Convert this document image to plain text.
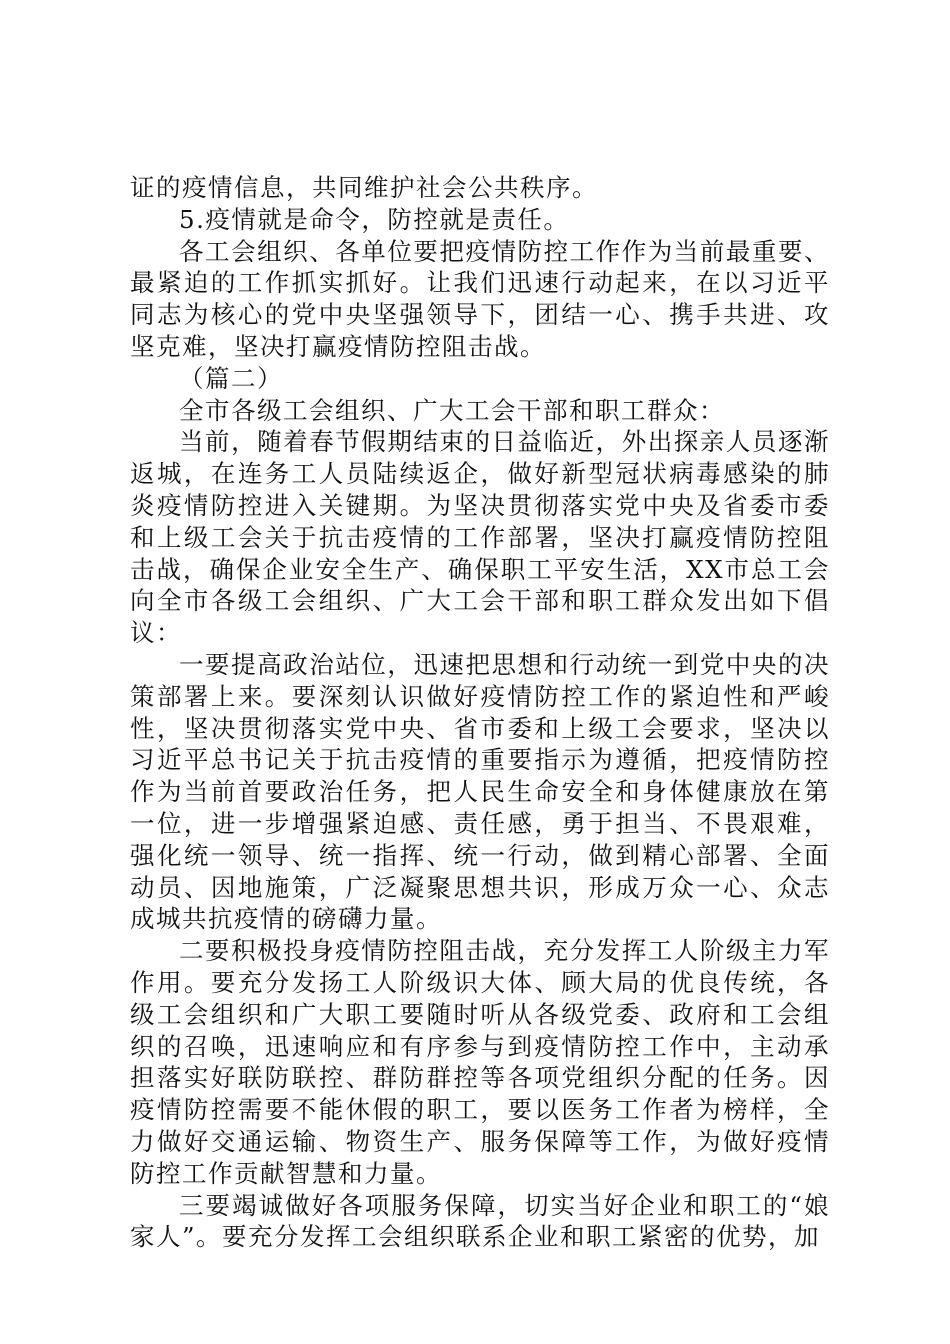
证的疫情信息，共同维护社会公共秩序。

5.疫情就是命令，防控就是责任。

各工会组织、各单位要把疫情防控工作作为当前最重要、最紧迫的工作抓实抓好。让我们迅速行动起来，在以习近平同志为核心的党中央坚强领导下，团结一心、携手共进、攻坚克难，坚决打赢疫情防控阻击战。

（篇二）

全市各级工会组织、广大工会干部和职工群众：

当前，随着春节假期结束的日益临近，外出探亲人员逐渐返城，在连务工人员陆续返企，做好新型冠状病毒感染的肺炎疫情防控进入关键期。为坚决贯彻落实党中央及省委市委和上级工会关于抗击疫情的工作部署，坚决打赢疫情防控阻击战，确保企业安全生产、确保职工平安生活，XX市总工会向全市各级工会组织、广大工会干部和职工群众发出如下倡议：

一要提高政治站位，迅速把思想和行动统一到党中央的决策部署上来。要深刻认识做好疫情防控工作的紧迫性和严峻性，坚决贯彻落实党中央、省市委和上级工会要求，坚决以习近平总书记关于抗击疫情的重要指示为遵循，把疫情防控作为当前首要政治任务，把人民生命安全和身体健康放在第一位，进一步增强紧迫感、责任感，勇于担当、不畏艰难，强化统一领导、统一指挥、统一行动，做到精心部署、全面动员、因地施策，广泛凝聚思想共识，形成万众一心、众志成城共抗疫情的磅礴力量。

二要积极投身疫情防控阻击战，充分发挥工人阶级主力军作用。要充分发扬工人阶级识大体、顾大局的优良传统，各级工会组织和广大职工要随时听从各级党委、政府和工会组织的召唤，迅速响应和有序参与到疫情防控工作中，主动承担落实好联防联控、群防群控等各项党组织分配的任务。因疫情防控需要不能休假的职工，要以医务工作者为榜样，全力做好交通运输、物资生产、服务保障等工作，为做好疫情防控工作贡献智慧和力量。

三要竭诚做好各项服务保障，切实当好企业和职工的“娘家人”。要充分发挥工会组织联系企业和职工紧密的优势，加
